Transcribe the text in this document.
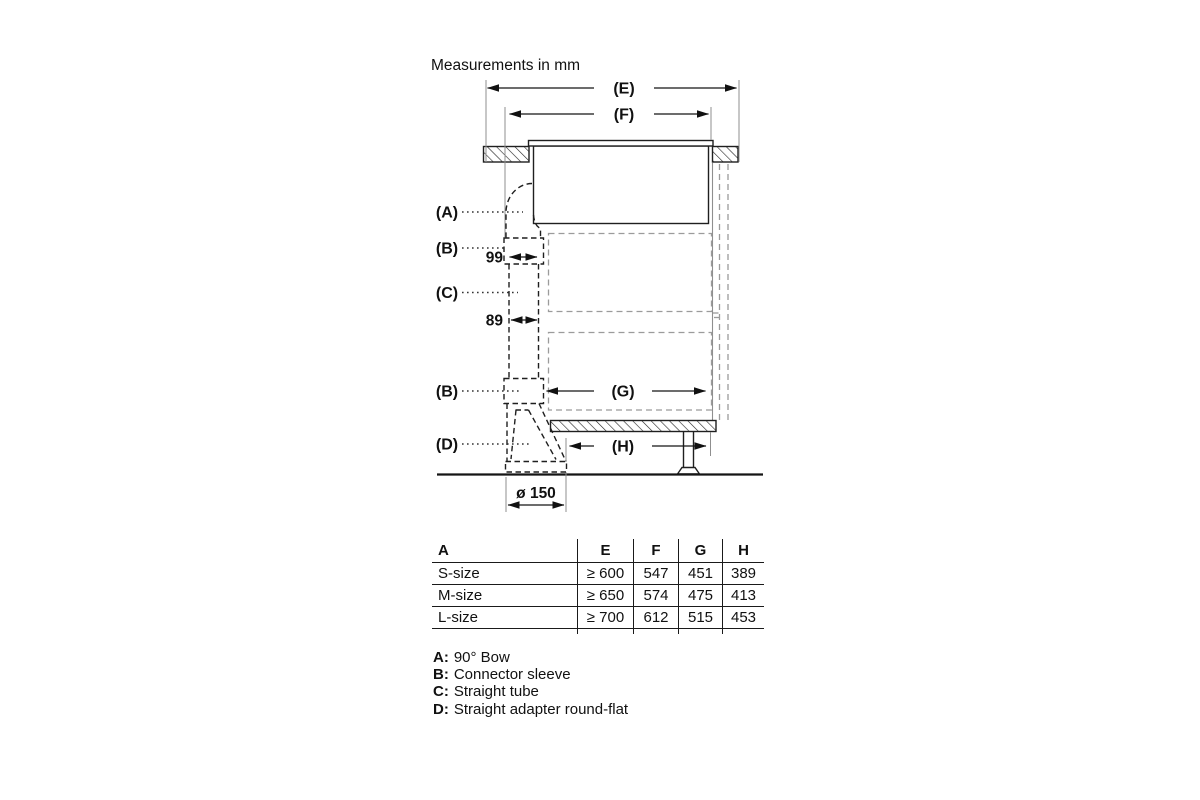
Measurements in mm
(E)
(F)
(G)
(H)
99
89
ø 150
(A)
(B)
(C)
(B)
(D)
A	E	F	G	H
S-size	≥ 600	547	451	389
M-size	≥ 650	574	475	413
L-size	≥ 700	612	515	453
A: 90° Bow
B: Connector sleeve
C: Straight tube
D: Straight adapter round-flat
